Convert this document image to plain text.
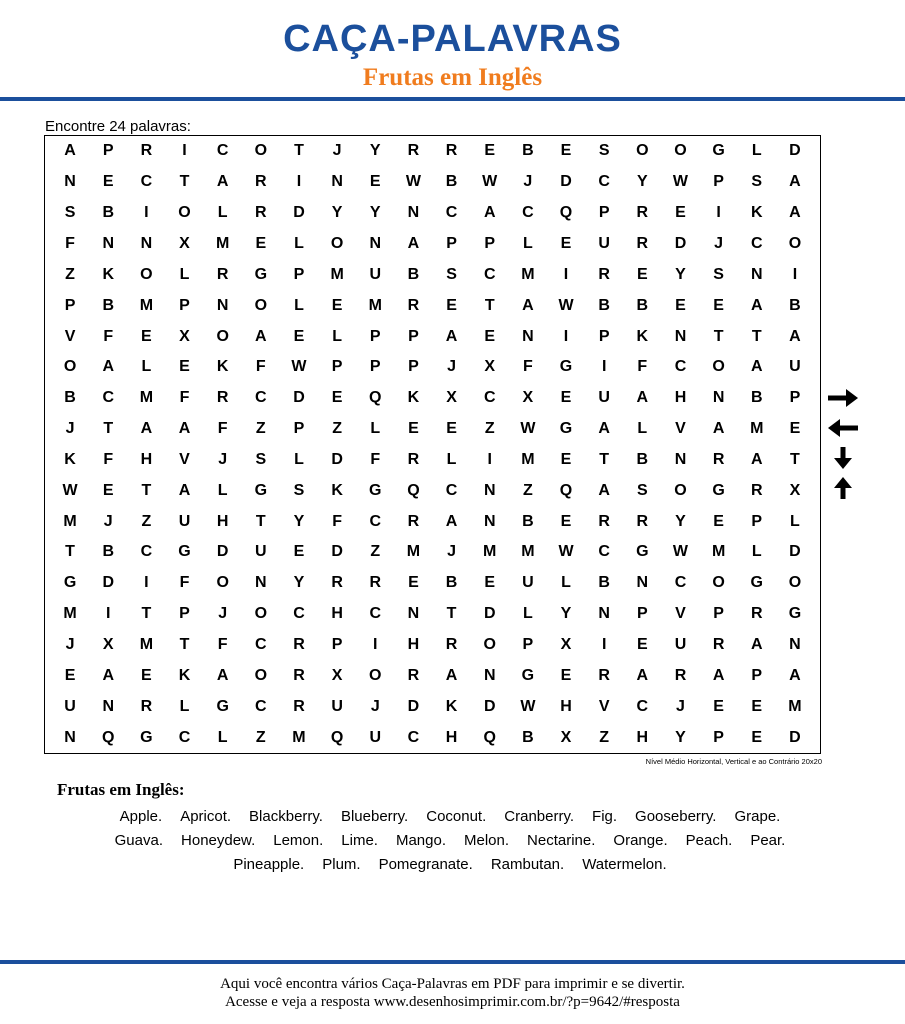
CAÇA-PALAVRAS
Frutas em Inglês
Encontre 24 palavras:
A	P	R	I	C	O	T	J	Y	R	R	E	B	E	S	O	O	G	L	D
N	E	C	T	A	R	I	N	E	W	B	W	J	D	C	Y	W	P	S	A
S	B	I	O	L	R	D	Y	Y	N	C	A	C	Q	P	R	E	I	K	A
F	N	N	X	M	E	L	O	N	A	P	P	L	E	U	R	D	J	C	O
Z	K	O	L	R	G	P	M	U	B	S	C	M	I	R	E	Y	S	N	I
P	B	M	P	N	O	L	E	M	R	E	T	A	W	B	B	E	E	A	B
V	F	E	X	O	A	E	L	P	P	A	E	N	I	P	K	N	T	T	A
O	A	L	E	K	F	W	P	P	P	J	X	F	G	I	F	C	O	A	U
B	C	M	F	R	C	D	E	Q	K	X	C	X	E	U	A	H	N	B	P
J	T	A	A	F	Z	P	Z	L	E	E	Z	W	G	A	L	V	A	M	E
K	F	H	V	J	S	L	D	F	R	L	I	M	E	T	B	N	R	A	T
W	E	T	A	L	G	S	K	G	Q	C	N	Z	Q	A	S	O	G	R	X
M	J	Z	U	H	T	Y	F	C	R	A	N	B	E	R	R	Y	E	P	L
T	B	C	G	D	U	E	D	Z	M	J	M	M	W	C	G	W	M	L	D
G	D	I	F	O	N	Y	R	R	E	B	E	U	L	B	N	C	O	G	O
M	I	T	P	J	O	C	H	C	N	T	D	L	Y	N	P	V	P	R	G
J	X	M	T	F	C	R	P	I	H	R	O	P	X	I	E	U	R	A	N
E	A	E	K	A	O	R	X	O	R	A	N	G	E	R	A	R	A	P	A
U	N	R	L	G	C	R	U	J	D	K	D	W	H	V	C	J	E	E	M
N	Q	G	C	L	Z	M	Q	U	C	H	Q	B	X	Z	H	Y	P	E	D
Nível Médio Horizontal, Vertical e ao Contrário 20x20
Frutas em Inglês:
Apple. Apricot. Blackberry. Blueberry. Coconut. Cranberry. Fig. Gooseberry. Grape.
Guava. Honeydew. Lemon. Lime. Mango. Melon. Nectarine. Orange. Peach. Pear.
Pineapple. Plum. Pomegranate. Rambutan. Watermelon.
Aqui você encontra vários Caça-Palavras em PDF para imprimir e se divertir.
Acesse e veja a resposta www.desenhosimprimir.com.br/?p=9642/#resposta
